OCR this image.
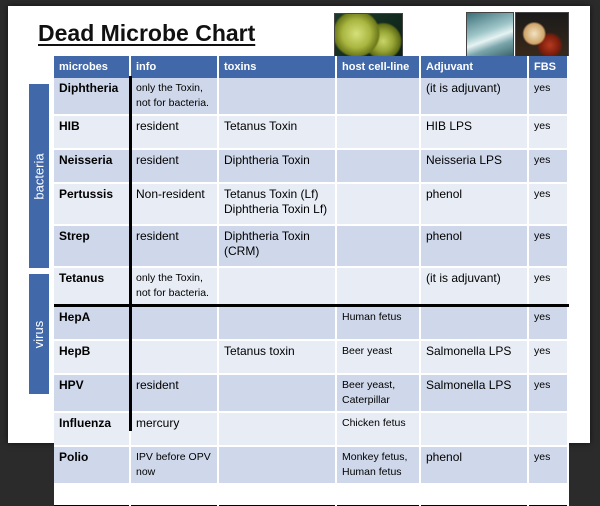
Dead Microbe Chart
bacteria
virus
microbes	info	toxins	host cell-line	Adjuvant	FBS
Diphtheria	only the Toxin, not for bacteria.			(it is adjuvant)	yes
HIB	resident	Tetanus Toxin		HIB LPS	yes
Neisseria	resident	Diphtheria Toxin		Neisseria LPS	yes
Pertussis	Non-resident	Tetanus Toxin (Lf) Diphtheria Toxin Lf)		phenol	yes
Strep	resident	Diphtheria Toxin (CRM)		phenol	yes
Tetanus	only the Toxin, not for bacteria.			(it is adjuvant)	yes
HepA			Human fetus		yes
HepB		Tetanus toxin	Beer yeast	Salmonella LPS	yes
HPV	resident		Beer yeast, Caterpillar	Salmonella LPS	yes
Influenza	mercury		Chicken fetus		
Polio	IPV before OPV now		Monkey fetus, Human fetus	phenol	yes
